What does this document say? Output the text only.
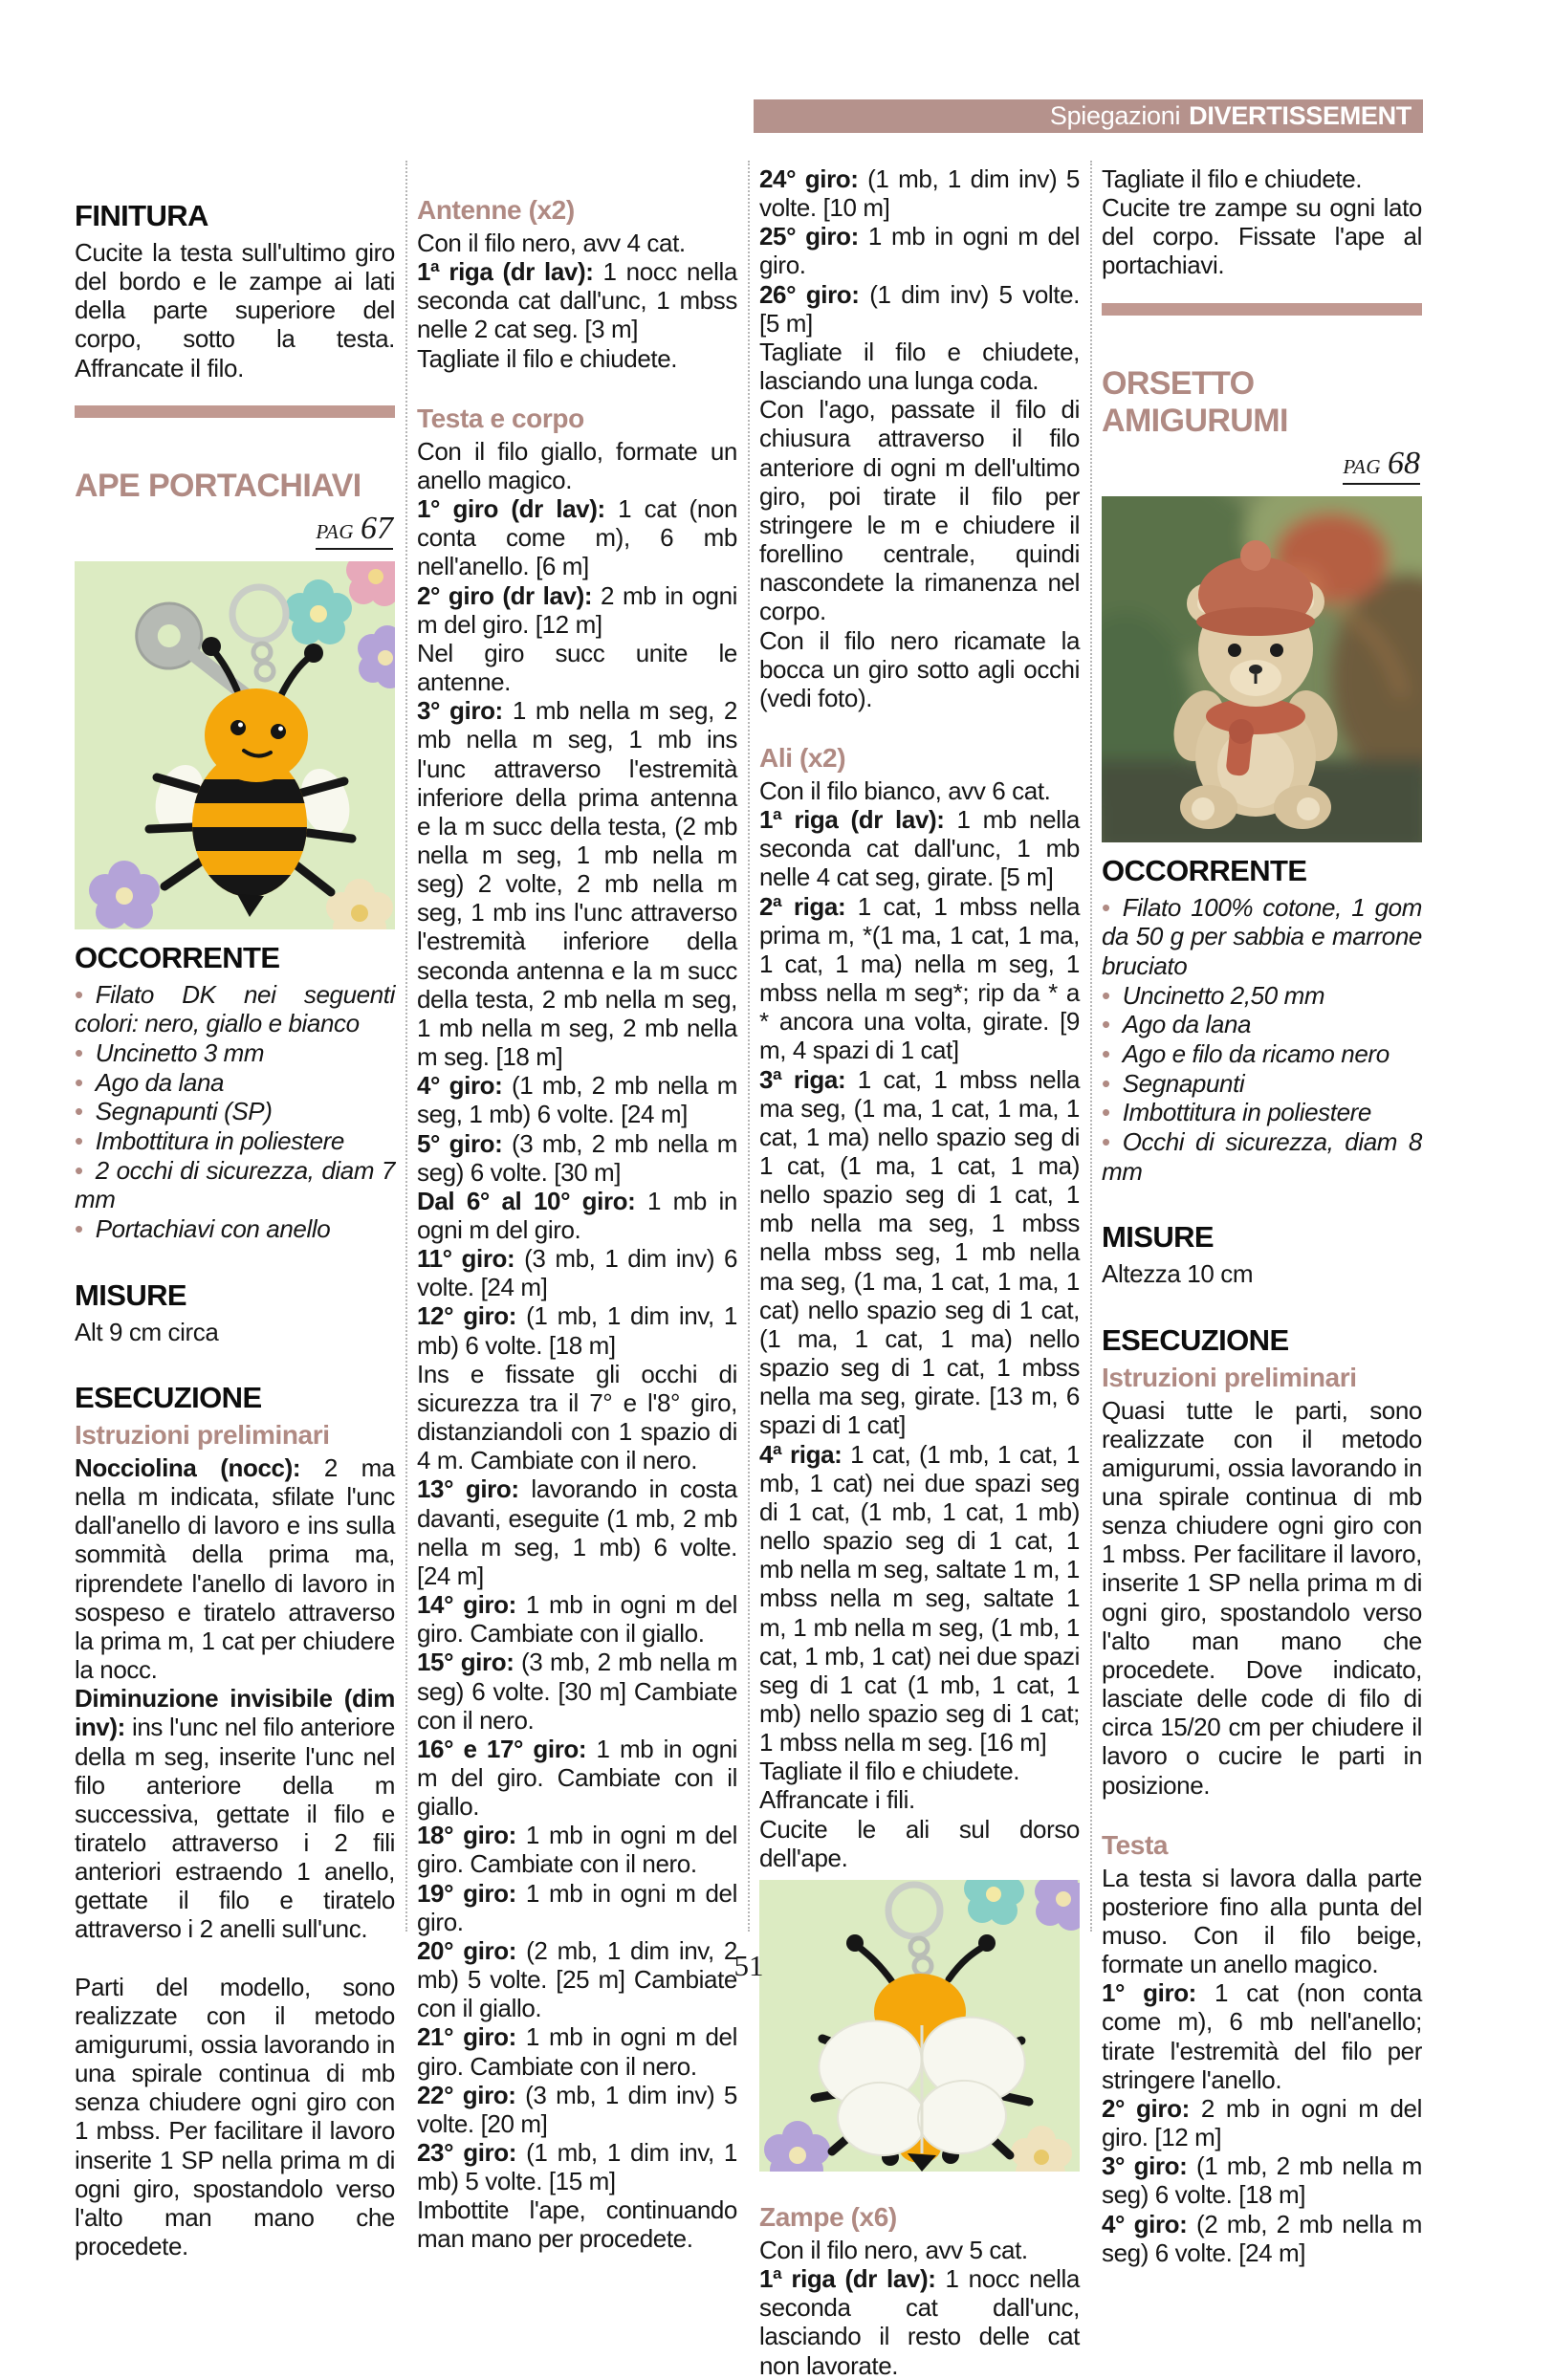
Spiegazioni DIVERTISSEMENT
FINITURA

Cucite la testa sull'ultimo giro del bordo e le zampe ai lati della parte superiore del corpo, sotto la testa. Affrancate il filo.

APE PORTACHIAVI
PAG 67
OCCORRENTE
• Filato DK nei seguenti colori: nero, giallo e bianco
• Uncinetto 3 mm
• Ago da lana
• Segnapunti (SP)
• Imbottitura in poliestere
• 2 occhi di sicurezza, diam 7 mm
• Portachiavi con anello
MISURE

Alt 9 cm circa

ESECUZIONE
Istruzioni preliminari

Nocciolina (nocc): 2 ma nella m indicata, sfilate l'unc dall'anello di lavoro e ins sulla sommità della prima ma, riprendete l'anello di lavoro in sospeso e tiratelo attraverso la prima m, 1 cat per chiudere la nocc.

Diminuzione invisibile (dim inv): ins l'unc nel filo anteriore della m seg, inserite l'unc nel filo anteriore della m successiva, gettate il filo e tiratelo attraverso i 2 fili anteriori estraendo 1 anello, gettate il filo e tiratelo attraverso i 2 anelli sull'unc.

Parti del modello, sono realizzate con il metodo amigurumi, ossia lavorando in una spirale continua di mb senza chiudere ogni giro con 1 mbss. Per facilitare il lavoro inserite 1 SP nella prima m di ogni giro, spostandolo verso l'alto man mano che procedete.

Antenne (x2)

Con il filo nero, avv 4 cat.

1ª riga (dr lav): 1 nocc nella seconda cat dall'unc, 1 mbss nelle 2 cat seg. [3 m]

Tagliate il filo e chiudete.

Testa e corpo

Con il filo giallo, formate un anello magico.

1° giro (dr lav): 1 cat (non conta come m), 6 mb nell'anello. [6 m]

2° giro (dr lav): 2 mb in ogni m del giro. [12 m]

Nel giro succ unite le antenne.

3° giro: 1 mb nella m seg, 2 mb nella m seg, 1 mb ins l'unc attraverso l'estremità inferiore della prima antenna e la m succ della testa, (2 mb nella m seg, 1 mb nella m seg) 2 volte, 2 mb nella m seg, 1 mb ins l'unc attraverso l'estremità inferiore della seconda antenna e la m succ della testa, 2 mb nella m seg, 1 mb nella m seg, 2 mb nella m seg. [18 m]

4° giro: (1 mb, 2 mb nella m seg, 1 mb) 6 volte. [24 m]

5° giro: (3 mb, 2 mb nella m seg) 6 volte. [30 m]

Dal 6° al 10° giro: 1 mb in ogni m del giro.

11° giro: (3 mb, 1 dim inv) 6 volte. [24 m]

12° giro: (1 mb, 1 dim inv, 1 mb) 6 volte. [18 m]

Ins e fissate gli occhi di sicurezza tra il 7° e l'8° giro, distanziandoli con 1 spazio di 4 m. Cambiate con il nero.

13° giro: lavorando in costa davanti, eseguite (1 mb, 2 mb nella m seg, 1 mb) 6 volte. [24 m]

14° giro: 1 mb in ogni m del giro. Cambiate con il giallo.

15° giro: (3 mb, 2 mb nella m seg) 6 volte. [30 m] Cambiate con il nero.

16° e 17° giro: 1 mb in ogni m del giro. Cambiate con il giallo.

18° giro: 1 mb in ogni m del giro. Cambiate con il nero.

19° giro: 1 mb in ogni m del giro.

20° giro: (2 mb, 1 dim inv, 2 mb) 5 volte. [25 m] Cambiate con il giallo.

21° giro: 1 mb in ogni m del giro. Cambiate con il nero.

22° giro: (3 mb, 1 dim inv) 5 volte. [20 m]

23° giro: (1 mb, 1 dim inv, 1 mb) 5 volte. [15 m]

Imbottite l'ape, continuando man mano per procedete.

24° giro: (1 mb, 1 dim inv) 5 volte. [10 m]

25° giro: 1 mb in ogni m del giro.

26° giro: (1 dim inv) 5 volte. [5 m]

Tagliate il filo e chiudete, lasciando una lunga coda.

Con l'ago, passate il filo di chiusura attraverso il filo anteriore di ogni m dell'ultimo giro, poi tirate il filo per stringere le m e chiudere il forellino centrale, quindi nascondete la rimanenza nel corpo.

Con il filo nero ricamate la bocca un giro sotto agli occhi (vedi foto).

Ali (x2)

Con il filo bianco, avv 6 cat.

1ª riga (dr lav): 1 mb nella seconda cat dall'unc, 1 mb nelle 4 cat seg, girate. [5 m]

2ª riga: 1 cat, 1 mbss nella prima m, *(1 ma, 1 cat, 1 ma, 1 cat, 1 ma) nella m seg, 1 mbss nella m seg*; rip da * a * ancora una volta, girate. [9 m, 4 spazi di 1 cat]

3ª riga: 1 cat, 1 mbss nella ma seg, (1 ma, 1 cat, 1 ma, 1 cat, 1 ma) nello spazio seg di 1 cat, (1 ma, 1 cat, 1 ma) nello spazio seg di 1 cat, 1 mb nella ma seg, 1 mbss nella mbss seg, 1 mb nella ma seg, (1 ma, 1 cat, 1 ma, 1 cat) nello spazio seg di 1 cat, (1 ma, 1 cat, 1 ma) nello spazio seg di 1 cat, 1 mbss nella ma seg, girate. [13 m, 6 spazi di 1 cat]

4ª riga: 1 cat, (1 mb, 1 cat, 1 mb, 1 cat) nei due spazi seg di 1 cat, (1 mb, 1 cat, 1 mb) nello spazio seg di 1 cat, 1 mb nella m seg, saltate 1 m, 1 mbss nella m seg, saltate 1 m, 1 mb nella m seg, (1 mb, 1 cat, 1 mb, 1 cat) nei due spazi seg di 1 cat (1 mb, 1 cat, 1 mb) nello spazio seg di 1 cat; 1 mbss nella m seg. [16 m]

Tagliate il filo e chiudete.

Affrancate i fili.

Cucite le ali sul dorso dell'ape.

Zampe (x6)

Con il filo nero, avv 5 cat.

1ª riga (dr lav): 1 nocc nella seconda cat dall'unc, lasciando il resto delle cat non lavorate.

Tagliate il filo e chiudete.

Cucite tre zampe su ogni lato del corpo. Fissate l'ape al portachiavi.

ORSETTO AMIGURUMI
PAG 68
OCCORRENTE
• Filato 100% cotone, 1 gom da 50 g per sabbia e marrone bruciato
• Uncinetto 2,50 mm
• Ago da lana
• Ago e filo da ricamo nero
• Segnapunti
• Imbottitura in poliestere
• Occhi di sicurezza, diam 8 mm
MISURE

Altezza 10 cm

ESECUZIONE
Istruzioni preliminari

Quasi tutte le parti, sono realizzate con il metodo amigurumi, ossia lavorando in una spirale continua di mb senza chiudere ogni giro con 1 mbss. Per facilitare il lavoro, inserite 1 SP nella prima m di ogni giro, spostandolo verso l'alto man mano che procedete. Dove indicato, lasciate delle code di filo di circa 15/20 cm per chiudere il lavoro o cucire le parti in posizione.

Testa

La testa si lavora dalla parte posteriore fino alla punta del muso. Con il filo beige, formate un anello magico.

1° giro: 1 cat (non conta come m), 6 mb nell'anello; tirate l'estremità del filo per stringere l'anello.

2° giro: 2 mb in ogni m del giro. [12 m]

3° giro: (1 mb, 2 mb nella m seg) 6 volte. [18 m]

4° giro: (2 mb, 2 mb nella m seg) 6 volte. [24 m]

51
